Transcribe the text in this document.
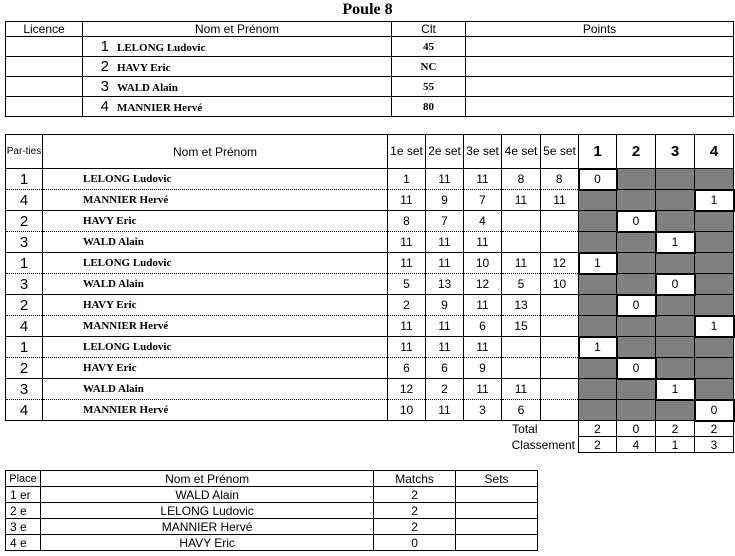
Poule 8
Licence	Nom et Prénom	Clt	Points
	1 LELONG Ludovic	45	
	2 HAVY Eric	NC	
	3 WALD Alain	55	
	4 MANNIER Hervé	80	
Par-ties	Nom et Prénom	1e set	2e set	3e set	4e set	5e set	1	2	3	4
1	LELONG Ludovic	1	11	11	8	8	0			
4	MANNIER Hervé	11	9	7	11	11				1
2	HAVY Eric	8	7	4				0		
3	WALD Alain	11	11	11					1	
1	LELONG Ludovic	11	11	10	11	12	1			
3	WALD Alain	5	13	12	5	10			0	
2	HAVY Eric	2	9	11	13			0		
4	MANNIER Hervé	11	11	6	15					1
1	LELONG Ludovic	11	11	11			1			
2	HAVY Eric	6	6	9				0		
3	WALD Alain	12	2	11	11				1	
4	MANNIER Hervé	10	11	3	6					0
Total							2	0	2	2
Classement							2	4	1	3
Place	Nom et Prénom	Matchs	Sets
1 er	WALD Alain	2	
2 e	LELONG Ludovic	2	
3 e	MANNIER Hervé	2	
4 e	HAVY Eric	0	
